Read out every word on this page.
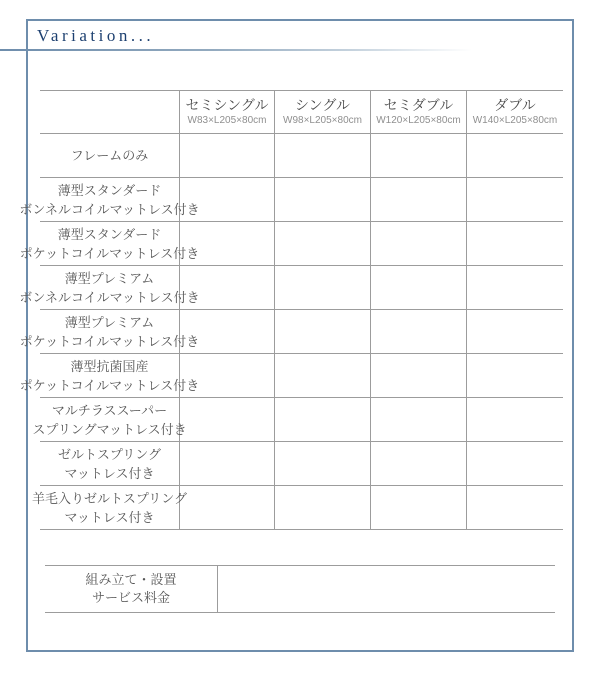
Variation...
セミシングル
W83×L205×80cm
シングル
W98×L205×80cm
セミダブル
W120×L205×80cm
ダブル
W140×L205×80cm
フレームのみ
薄型スタンダード
ボンネルコイルマットレス付き
薄型スタンダード
ポケットコイルマットレス付き
薄型プレミアム
ボンネルコイルマットレス付き
薄型プレミアム
ポケットコイルマットレス付き
薄型抗菌国産
ポケットコイルマットレス付き
マルチラススーパー
スプリングマットレス付き
ゼルトスプリング
マットレス付き
羊毛入りゼルトスプリング
マットレス付き
組み立て・設置
サービス料金
